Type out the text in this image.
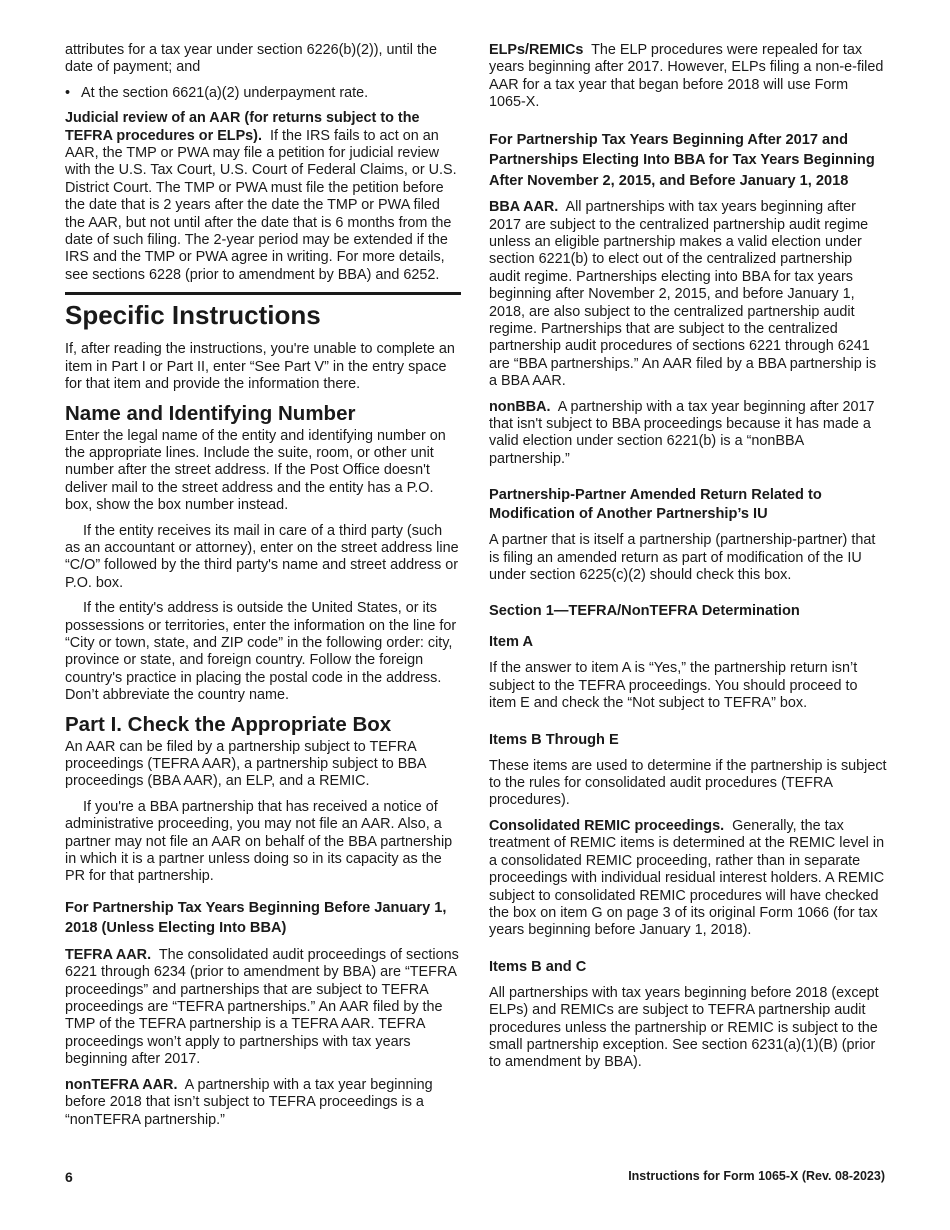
attributes for a tax year under section 6226(b)(2)), until the date of payment; and

• At the section 6621(a)(2) underpayment rate.

Judicial review of an AAR (for returns subject to the TEFRA procedures or ELPs). If the IRS fails to act on an AAR, the TMP or PWA may file a petition for judicial review with the U.S. Tax Court, U.S. Court of Federal Claims, or U.S. District Court. The TMP or PWA must file the petition before the date that is 2 years after the date the TMP or PWA filed the AAR, but not until after the date that is 6 months from the date of such filing. The 2-year period may be extended if the IRS and the TMP or PWA agree in writing. For more details, see sections 6228 (prior to amendment by BBA) and 6252.

Specific Instructions

If, after reading the instructions, you're unable to complete an item in Part I or Part II, enter “See Part V” in the entry space for that item and provide the information there.

Name and Identifying Number

Enter the legal name of the entity and identifying number on the appropriate lines. Include the suite, room, or other unit number after the street address. If the Post Office doesn't deliver mail to the street address and the entity has a P.O. box, show the box number instead.

If the entity receives its mail in care of a third party (such as an accountant or attorney), enter on the street address line “C/O” followed by the third party's name and street address or P.O. box.

If the entity's address is outside the United States, or its possessions or territories, enter the information on the line for “City or town, state, and ZIP code” in the following order: city, province or state, and foreign country. Follow the foreign country's practice in placing the postal code in the address. Don’t abbreviate the country name.

Part I. Check the Appropriate Box

An AAR can be filed by a partnership subject to TEFRA proceedings (TEFRA AAR), a partnership subject to BBA proceedings (BBA AAR), an ELP, and a REMIC.

If you're a BBA partnership that has received a notice of administrative proceeding, you may not file an AAR. Also, a partner may not file an AAR on behalf of the BBA partnership in which it is a partner unless doing so in its capacity as the PR for that partnership.

For Partnership Tax Years Beginning Before January 1, 2018 (Unless Electing Into BBA)

TEFRA AAR. The consolidated audit proceedings of sections 6221 through 6234 (prior to amendment by BBA) are “TEFRA proceedings” and partnerships that are subject to TEFRA proceedings are “TEFRA partnerships.” An AAR filed by the TMP of the TEFRA partnership is a TEFRA AAR. TEFRA proceedings won’t apply to partnerships with tax years beginning after 2017.

nonTEFRA AAR. A partnership with a tax year beginning before 2018 that isn’t subject to TEFRA proceedings is a “nonTEFRA partnership.”

ELPs/REMICs The ELP procedures were repealed for tax years beginning after 2017. However, ELPs filing a non-e-filed AAR for a tax year that began before 2018 will use Form 1065-X.

For Partnership Tax Years Beginning After 2017 and Partnerships Electing Into BBA for Tax Years Beginning After November 2, 2015, and Before January 1, 2018

BBA AAR. All partnerships with tax years beginning after 2017 are subject to the centralized partnership audit regime unless an eligible partnership makes a valid election under section 6221(b) to elect out of the centralized partnership audit regime. Partnerships electing into BBA for tax years beginning after November 2, 2015, and before January 1, 2018, are also subject to the centralized partnership audit regime. Partnerships that are subject to the centralized partnership audit procedures of sections 6221 through 6241 are “BBA partnerships.” An AAR filed by a BBA partnership is a BBA AAR.

nonBBA. A partnership with a tax year beginning after 2017 that isn't subject to BBA proceedings because it has made a valid election under section 6221(b) is a “nonBBA partnership.”

Partnership-Partner Amended Return Related to Modification of Another Partnership’s IU

A partner that is itself a partnership (partnership-partner) that is filing an amended return as part of modification of the IU under section 6225(c)(2) should check this box.

Section 1—TEFRA/NonTEFRA Determination
Item A

If the answer to item A is “Yes,” the partnership return isn’t subject to the TEFRA proceedings. You should proceed to item E and check the “Not subject to TEFRA” box.

Items B Through E

These items are used to determine if the partnership is subject to the rules for consolidated audit procedures (TEFRA procedures).

Consolidated REMIC proceedings. Generally, the tax treatment of REMIC items is determined at the REMIC level in a consolidated REMIC proceeding, rather than in separate proceedings with individual residual interest holders. A REMIC subject to consolidated REMIC procedures will have checked the box on item G on page 3 of its original Form 1066 (for tax years beginning before January 1, 2018).

Items B and C

All partnerships with tax years beginning before 2018 (except ELPs) and REMICs are subject to TEFRA partnership audit procedures unless the partnership or REMIC is subject to the small partnership exception. See section 6231(a)(1)(B) (prior to amendment by BBA).

6	Instructions for Form 1065-X (Rev. 08-2023)
